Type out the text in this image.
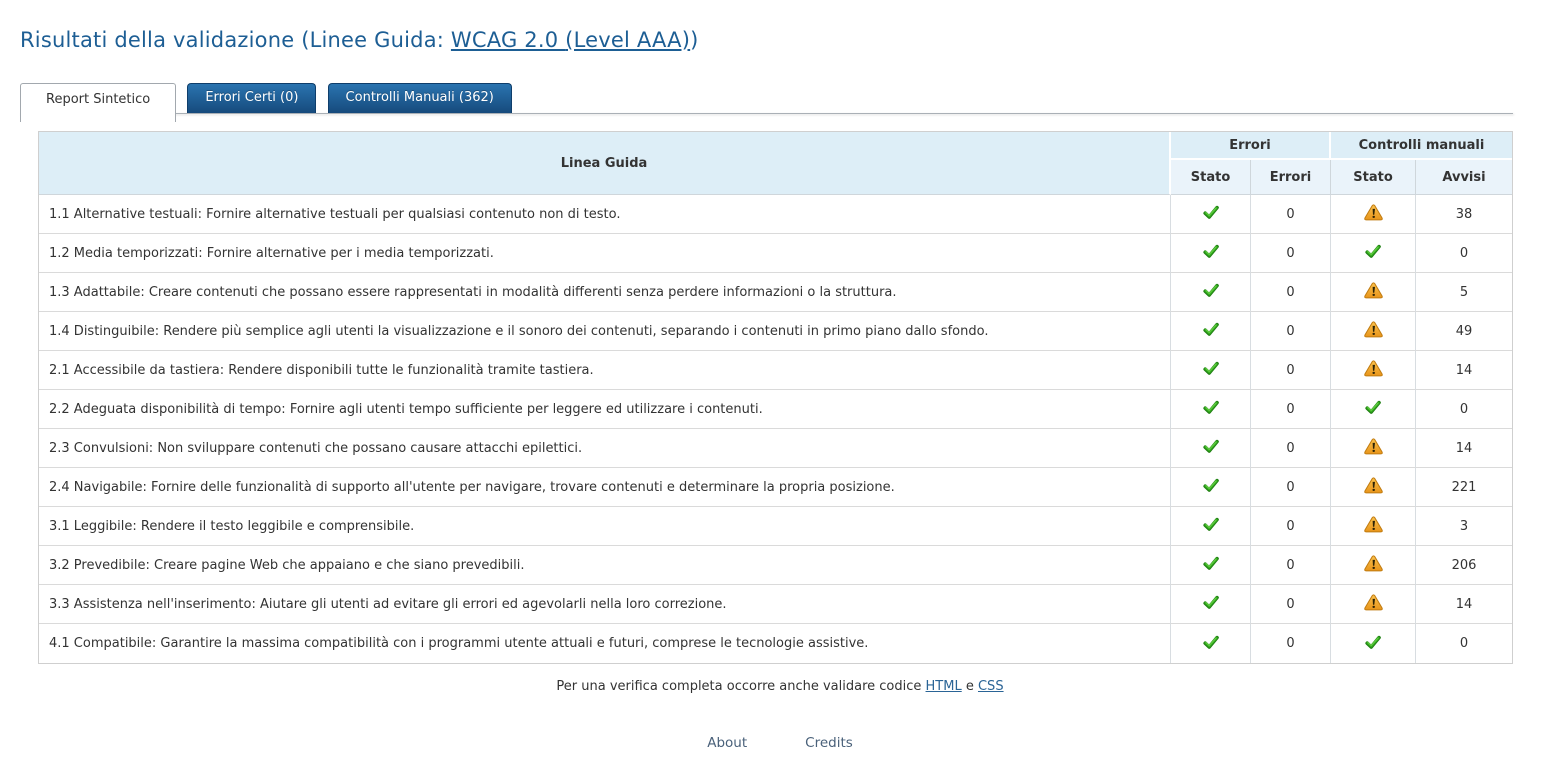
Risultati della validazione (Linee Guida: WCAG 2.0 (Level AAA))
Report Sintetico	Errori Certi (0)	Controlli Manuali (362)
Linea Guida	Errori		Controlli manuali	
	Stato	Errori	Stato	Avvisi
1.1 Alternative testuali: Fornire alternative testuali per qualsiasi contenuto non di testo.		0		38
1.2 Media temporizzati: Fornire alternative per i media temporizzati.		0		0
1.3 Adattabile: Creare contenuti che possano essere rappresentati in modalità differenti senza perdere informazioni o la struttura.		0		5
1.4 Distinguibile: Rendere più semplice agli utenti la visualizzazione e il sonoro dei contenuti, separando i contenuti in primo piano dallo sfondo.		0		49
2.1 Accessibile da tastiera: Rendere disponibili tutte le funzionalità tramite tastiera.		0		14
2.2 Adeguata disponibilità di tempo: Fornire agli utenti tempo sufficiente per leggere ed utilizzare i contenuti.		0		0
2.3 Convulsioni: Non sviluppare contenuti che possano causare attacchi epilettici.		0		14
2.4 Navigabile: Fornire delle funzionalità di supporto all'utente per navigare, trovare contenuti e determinare la propria posizione.		0		221
3.1 Leggibile: Rendere il testo leggibile e comprensibile.		0		3
3.2 Prevedibile: Creare pagine Web che appaiano e che siano prevedibili.		0		206
3.3 Assistenza nell'inserimento: Aiutare gli utenti ad evitare gli errori ed agevolarli nella loro correzione.		0		14
4.1 Compatibile: Garantire la massima compatibilità con i programmi utente attuali e futuri, comprese le tecnologie assistive.		0		0
Per una verifica completa occorre anche validare codice HTML e CSS
About	Credits
